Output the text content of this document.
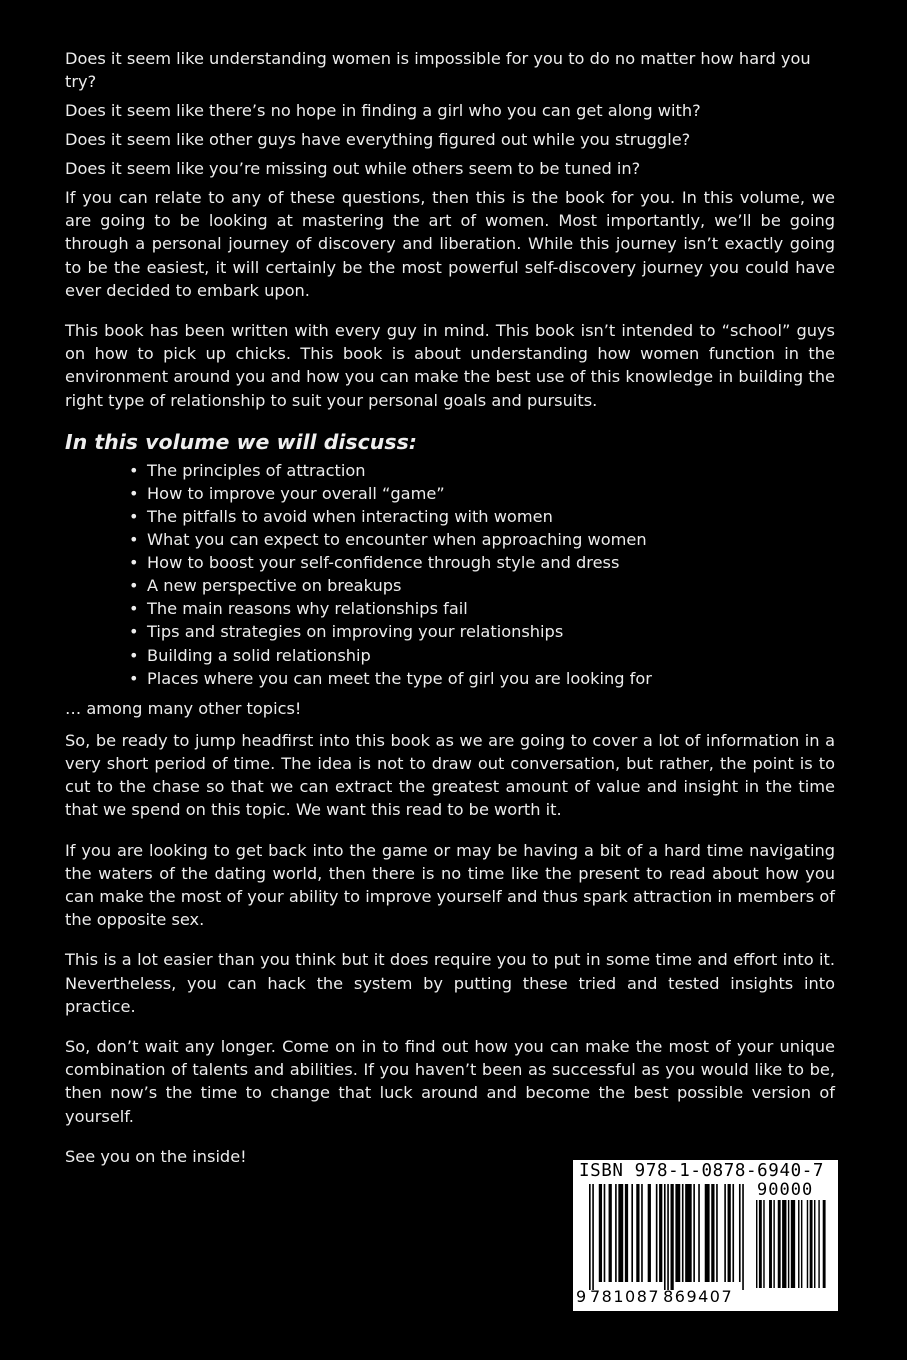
Does it seem like understanding women is impossible for you to do no matter how hard you try?

Does it seem like there’s no hope in finding a girl who you can get along with?

Does it seem like other guys have everything figured out while you struggle?

Does it seem like you’re missing out while others seem to be tuned in?

If you can relate to any of these questions, then this is the book for you. In this volume, we are going to be looking at mastering the art of women. Most importantly, we’ll be going through a personal journey of discovery and liberation. While this journey isn’t exactly going to be the easiest, it will certainly be the most powerful self-discovery journey you could have ever decided to embark upon.

This book has been written with every guy in mind. This book isn’t intended to “school” guys on how to pick up chicks. This book is about understanding how women function in the environment around you and how you can make the best use of this knowledge in building the right type of relationship to suit your personal goals and pursuits.

In this volume we will discuss:
• The principles of attraction
• How to improve your overall “game”
• The pitfalls to avoid when interacting with women
• What you can expect to encounter when approaching women
• How to boost your self-confidence through style and dress
• A new perspective on breakups
• The main reasons why relationships fail
• Tips and strategies on improving your relationships
• Building a solid relationship
• Places where you can meet the type of girl you are looking for

… among many other topics!

So, be ready to jump headfirst into this book as we are going to cover a lot of information in a very short period of time. The idea is not to draw out conversation, but rather, the point is to cut to the chase so that we can extract the greatest amount of value and insight in the time that we spend on this topic. We want this read to be worth it.

If you are looking to get back into the game or may be having a bit of a hard time navigating the waters of the dating world, then there is no time like the present to read about how you can make the most of your ability to improve yourself and thus spark attraction in members of the opposite sex.

This is a lot easier than you think but it does require you to put in some time and effort into it. Nevertheless, you can hack the system by putting these tried and tested insights into practice.

So, don’t wait any longer. Come on in to find out how you can make the most of your unique combination of talents and abilities. If you haven’t been as successful as you would like to be, then now’s the time to change that luck around and become the best possible version of yourself.

See you on the inside!

ISBN 978-1-0878-6940-7
90000
9 781087 869407
